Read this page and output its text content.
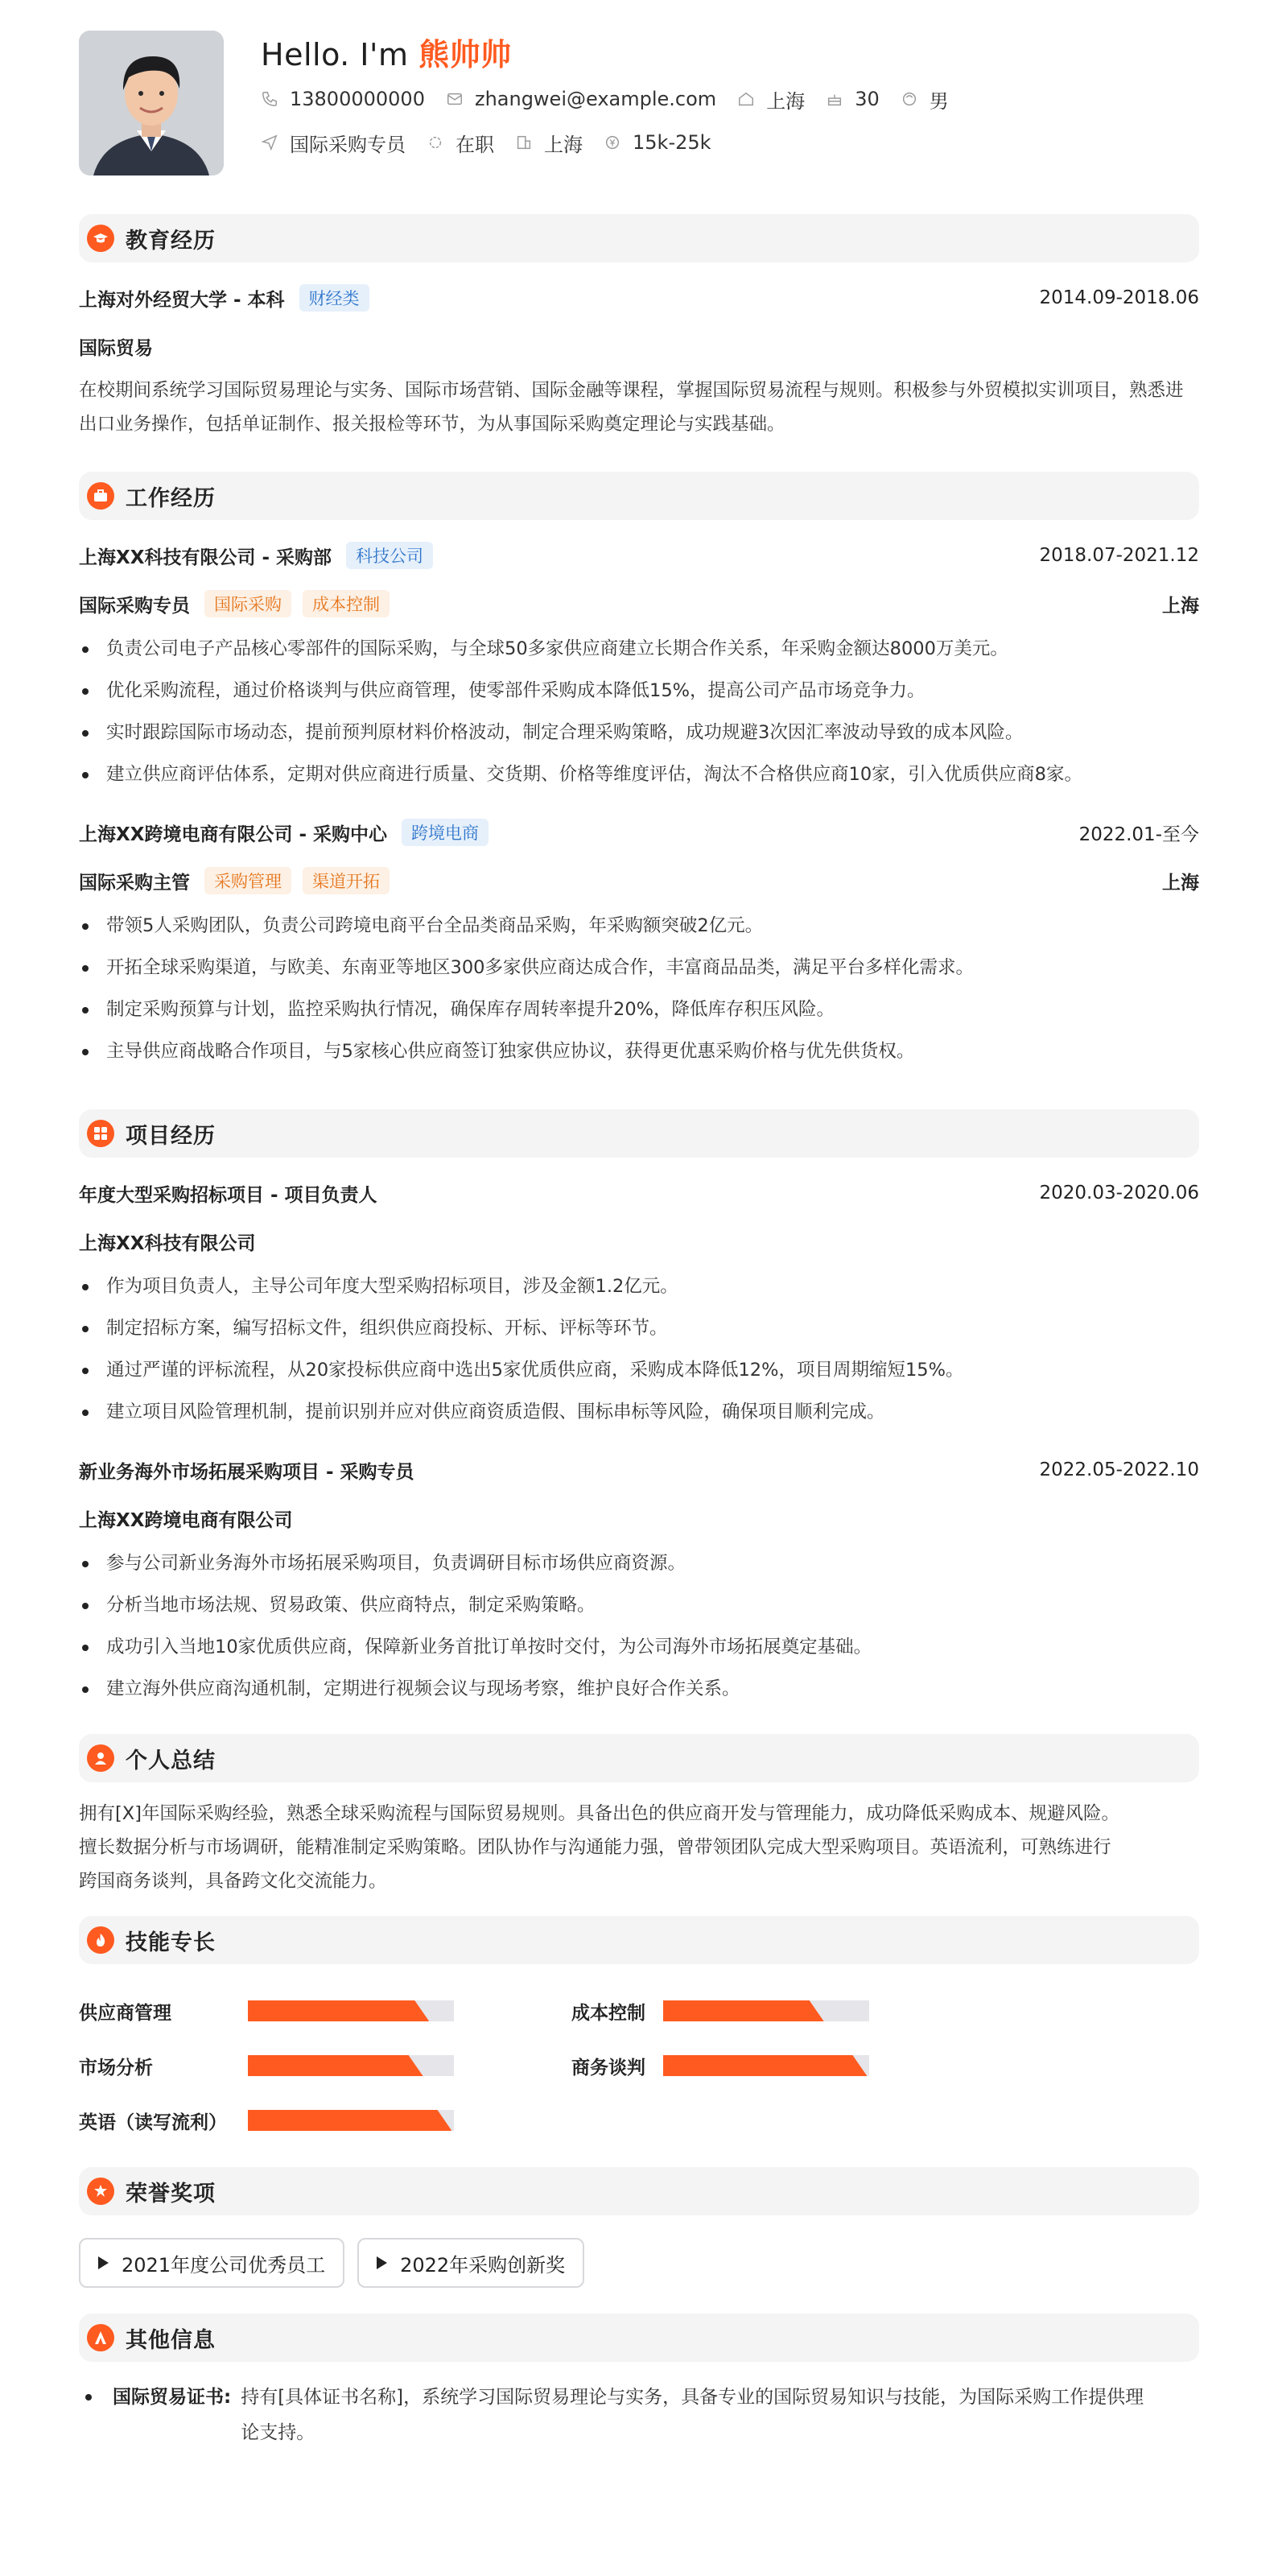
Hello. I'm 熊帅帅
13800000000	zhangwei@example.com	上海	30	男
国际采购专员	在职	上海	15k-25k
教育经历
上海对外经贸大学 - 本科	财经类	2014.09-2018.06
国际贸易
在校期间系统学习国际贸易理论与实务、国际市场营销、国际金融等课程，掌握国际贸易流程与规则。积极参与外贸模拟实训项目，熟悉进出口业务操作，包括单证制作、报关报检等环节，为从事国际采购奠定理论与实践基础。
工作经历
上海XX科技有限公司 - 采购部	科技公司	2018.07-2021.12
国际采购专员	国际采购	成本控制	上海
负责公司电子产品核心零部件的国际采购，与全球50多家供应商建立长期合作关系，年采购金额达8000万美元。
优化采购流程，通过价格谈判与供应商管理，使零部件采购成本降低15%，提高公司产品市场竞争力。
实时跟踪国际市场动态，提前预判原材料价格波动，制定合理采购策略，成功规避3次因汇率波动导致的成本风险。
建立供应商评估体系，定期对供应商进行质量、交货期、价格等维度评估，淘汰不合格供应商10家，引入优质供应商8家。
上海XX跨境电商有限公司 - 采购中心	跨境电商	2022.01-至今
国际采购主管	采购管理	渠道开拓	上海
带领5人采购团队，负责公司跨境电商平台全品类商品采购，年采购额突破2亿元。
开拓全球采购渠道，与欧美、东南亚等地区300多家供应商达成合作，丰富商品品类，满足平台多样化需求。
制定采购预算与计划，监控采购执行情况，确保库存周转率提升20%，降低库存积压风险。
主导供应商战略合作项目，与5家核心供应商签订独家供应协议，获得更优惠采购价格与优先供货权。
项目经历
年度大型采购招标项目 - 项目负责人	2020.03-2020.06
上海XX科技有限公司
作为项目负责人，主导公司年度大型采购招标项目，涉及金额1.2亿元。
制定招标方案，编写招标文件，组织供应商投标、开标、评标等环节。
通过严谨的评标流程，从20家投标供应商中选出5家优质供应商，采购成本降低12%，项目周期缩短15%。
建立项目风险管理机制，提前识别并应对供应商资质造假、围标串标等风险，确保项目顺利完成。
新业务海外市场拓展采购项目 - 采购专员	2022.05-2022.10
上海XX跨境电商有限公司
参与公司新业务海外市场拓展采购项目，负责调研目标市场供应商资源。
分析当地市场法规、贸易政策、供应商特点，制定采购策略。
成功引入当地10家优质供应商，保障新业务首批订单按时交付，为公司海外市场拓展奠定基础。
建立海外供应商沟通机制，定期进行视频会议与现场考察，维护良好合作关系。
个人总结
拥有[X]年国际采购经验，熟悉全球采购流程与国际贸易规则。具备出色的供应商开发与管理能力，成功降低采购成本、规避风险。
擅长数据分析与市场调研，能精准制定采购策略。团队协作与沟通能力强，曾带领团队完成大型采购项目。英语流利，可熟练进行
跨国商务谈判，具备跨文化交流能力。
技能专长
供应商管理	成本控制
市场分析	商务谈判
英语（读写流利）
荣誉奖项
2021年度公司优秀员工	2022年采购创新奖
其他信息
国际贸易证书: 持有[具体证书名称]，系统学习国际贸易理论与实务，具备专业的国际贸易知识与技能，为国际采购工作提供理
论支持。
